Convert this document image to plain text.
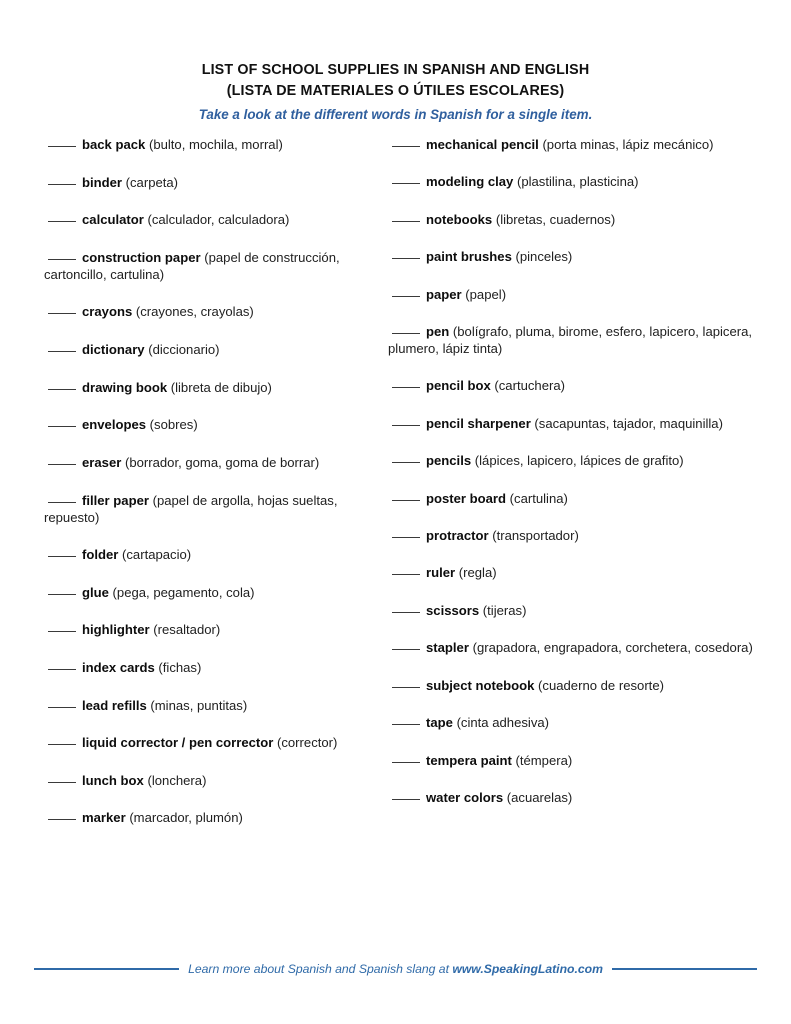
LIST OF SCHOOL SUPPLIES IN SPANISH AND ENGLISH
(LISTA DE MATERIALES O ÚTILES ESCOLARES)
Take a look at the different words in Spanish for a single item.
back pack (bulto, mochila, morral)
binder (carpeta)
calculator (calculador, calculadora)
construction paper (papel de construcción, cartoncillo, cartulina)
crayons (crayones, crayolas)
dictionary (diccionario)
drawing book (libreta de dibujo)
envelopes (sobres)
eraser (borrador, goma, goma de borrar)
filler paper (papel de argolla, hojas sueltas, repuesto)
folder (cartapacio)
glue (pega, pegamento, cola)
highlighter (resaltador)
index cards (fichas)
lead refills (minas, puntitas)
liquid corrector / pen corrector (corrector)
lunch box (lonchera)
marker (marcador, plumón)
mechanical pencil (porta minas, lápiz mecánico)
modeling clay (plastilina, plasticina)
notebooks (libretas, cuadernos)
paint brushes (pinceles)
paper (papel)
pen (bolígrafo, pluma, birome, esfero, lapicero, lapicera, plumero, lápiz tinta)
pencil box (cartuchera)
pencil sharpener (sacapuntas, tajador, maquinilla)
pencils (lápices, lapicero, lápices de grafito)
poster board (cartulina)
protractor (transportador)
ruler (regla)
scissors (tijeras)
stapler (grapadora, engrapadora, corchetera, cosedora)
subject notebook (cuaderno de resorte)
tape (cinta adhesiva)
tempera paint (témpera)
water colors (acuarelas)
Learn more about Spanish and Spanish slang at www.SpeakingLatino.com
